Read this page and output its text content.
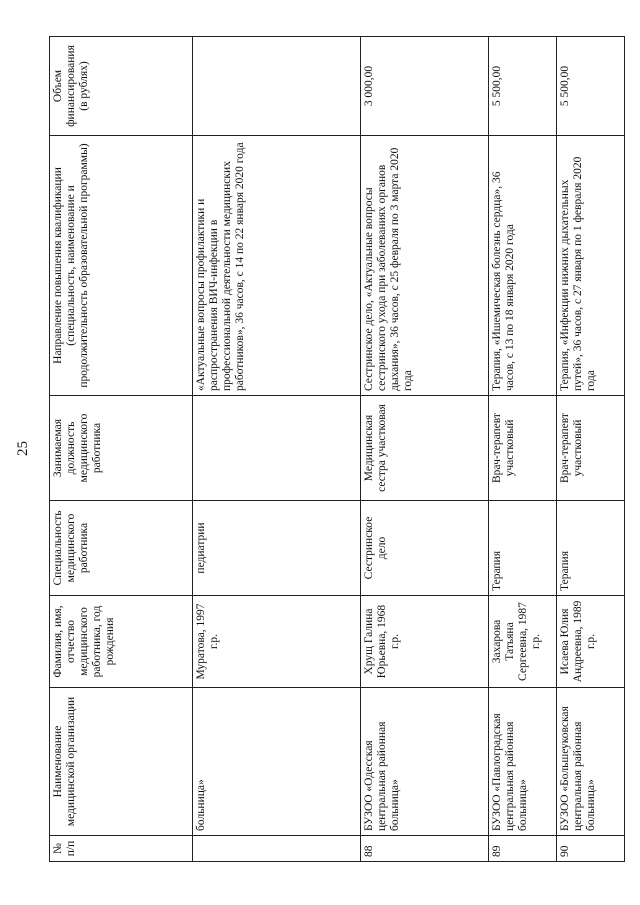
25
№ п/п	Наименование медицинской организации	Фамилия, имя, отчество медицинского работника, год рождения	Специальность медицинского работника	Занимаемая должность медицинского работника	Направление повышения квалификации (специальность, наименование и продолжительность образовательной программы)	Объем финансирования (в рублях)
	больница»	Муратова, 1997 г.р.	педиатрии		«Актуальные вопросы профилактики и распространения ВИЧ-инфекции в профессиональной деятельности медицинских работников», 36 часов, с 14 по 22 января 2020 года	
88	БУЗОО «Одесская центральная районная больница»	Хрущ Галина Юрьевна, 1968 г.р.	Сестринское дело	Медицинская сестра участковая	Сестринское дело, «Актуальные вопросы сестринского ухода при заболеваниях органов дыхания», 36 часов, с 25 февраля по 3 марта 2020 года	3 000,00
89	БУЗОО «Павлоградская центральная районная больница»	Захарова Татьяна Сергеевна, 1987 г.р.	Терапия	Врач-терапевт участковый	Терапия, «Ишемическая болезнь сердца», 36 часов, с 13 по 18 января 2020 года	5 500,00
90	БУЗОО «Большеуковская центральная районная больница»	Исаева Юлия Андреевна, 1989 г.р.	Терапия	Врач-терапевт участковый	Терапия, «Инфекции нижних дыхательных путей», 36 часов, с 27 января по 1 февраля 2020 года	5 500,00
